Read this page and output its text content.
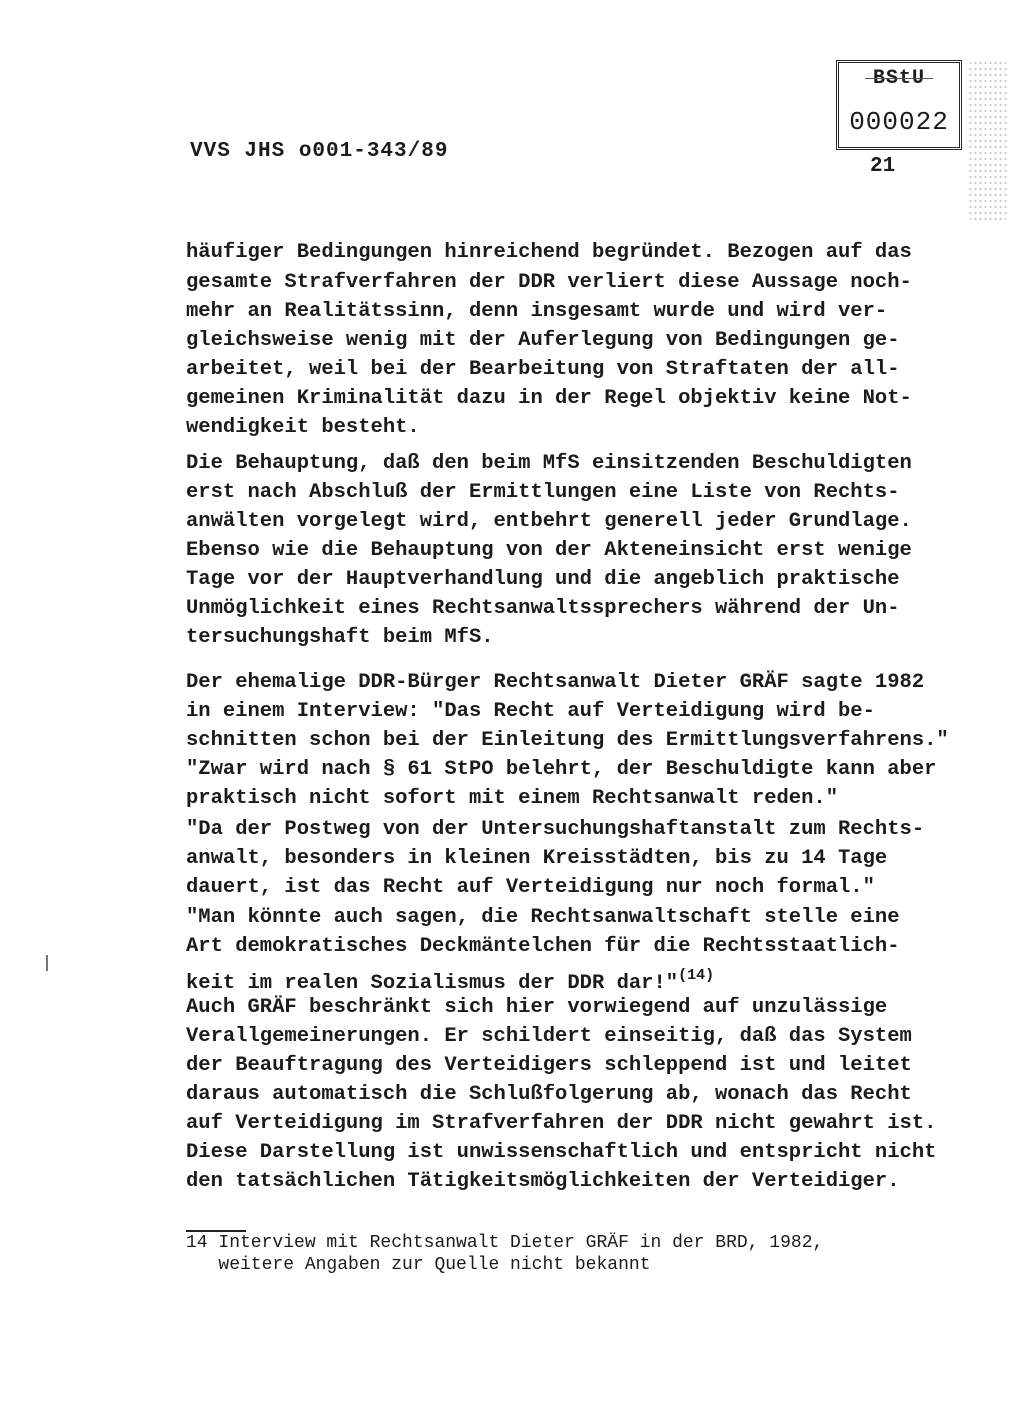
BStU
000022
VVS JHS o001-343/89
21

häufiger Bedingungen hinreichend begründet. Bezogen auf das

gesamte Strafverfahren der DDR verliert diese Aussage noch-

mehr an Realitätssinn, denn insgesamt wurde und wird ver-

gleichsweise wenig mit der Auferlegung von Bedingungen ge-

arbeitet, weil bei der Bearbeitung von Straftaten der all-

gemeinen Kriminalität dazu in der Regel objektiv keine Not-

wendigkeit besteht.

Die Behauptung, daß den beim MfS einsitzenden Beschuldigten

erst nach Abschluß der Ermittlungen eine Liste von Rechts-

anwälten vorgelegt wird, entbehrt generell jeder Grundlage.

Ebenso wie die Behauptung von der Akteneinsicht erst wenige

Tage vor der Hauptverhandlung und die angeblich praktische

Unmöglichkeit eines Rechtsanwaltssprechers während der Un-

tersuchungshaft beim MfS.

Der ehemalige DDR-Bürger Rechtsanwalt Dieter GRÄF sagte 1982

in einem Interview: "Das Recht auf Verteidigung wird be-

schnitten schon bei der Einleitung des Ermittlungsverfahrens."

"Zwar wird nach § 61 StPO belehrt, der Beschuldigte kann aber

praktisch nicht sofort mit einem Rechtsanwalt reden."

"Da der Postweg von der Untersuchungshaftanstalt zum Rechts-

anwalt, besonders in kleinen Kreisstädten, bis zu 14 Tage

dauert, ist das Recht auf Verteidigung nur noch formal."

"Man könnte auch sagen, die Rechtsanwaltschaft stelle eine

Art demokratisches Deckmäntelchen für die Rechtsstaatlich-

keit im realen Sozialismus der DDR dar!"$^{(14)}$

Auch GRÄF beschränkt sich hier vorwiegend auf unzulässige

Verallgemeinerungen. Er schildert einseitig, daß das System

der Beauftragung des Verteidigers schleppend ist und leitet

daraus automatisch die Schlußfolgerung ab, wonach das Recht

auf Verteidigung im Strafverfahren der DDR nicht gewahrt ist.

Diese Darstellung ist unwissenschaftlich und entspricht nicht

den tatsächlichen Tätigkeitsmöglichkeiten der Verteidiger.

14 Interview mit Rechtsanwalt Dieter GRÄF in der BRD, 1982,

weitere Angaben zur Quelle nicht bekannt
